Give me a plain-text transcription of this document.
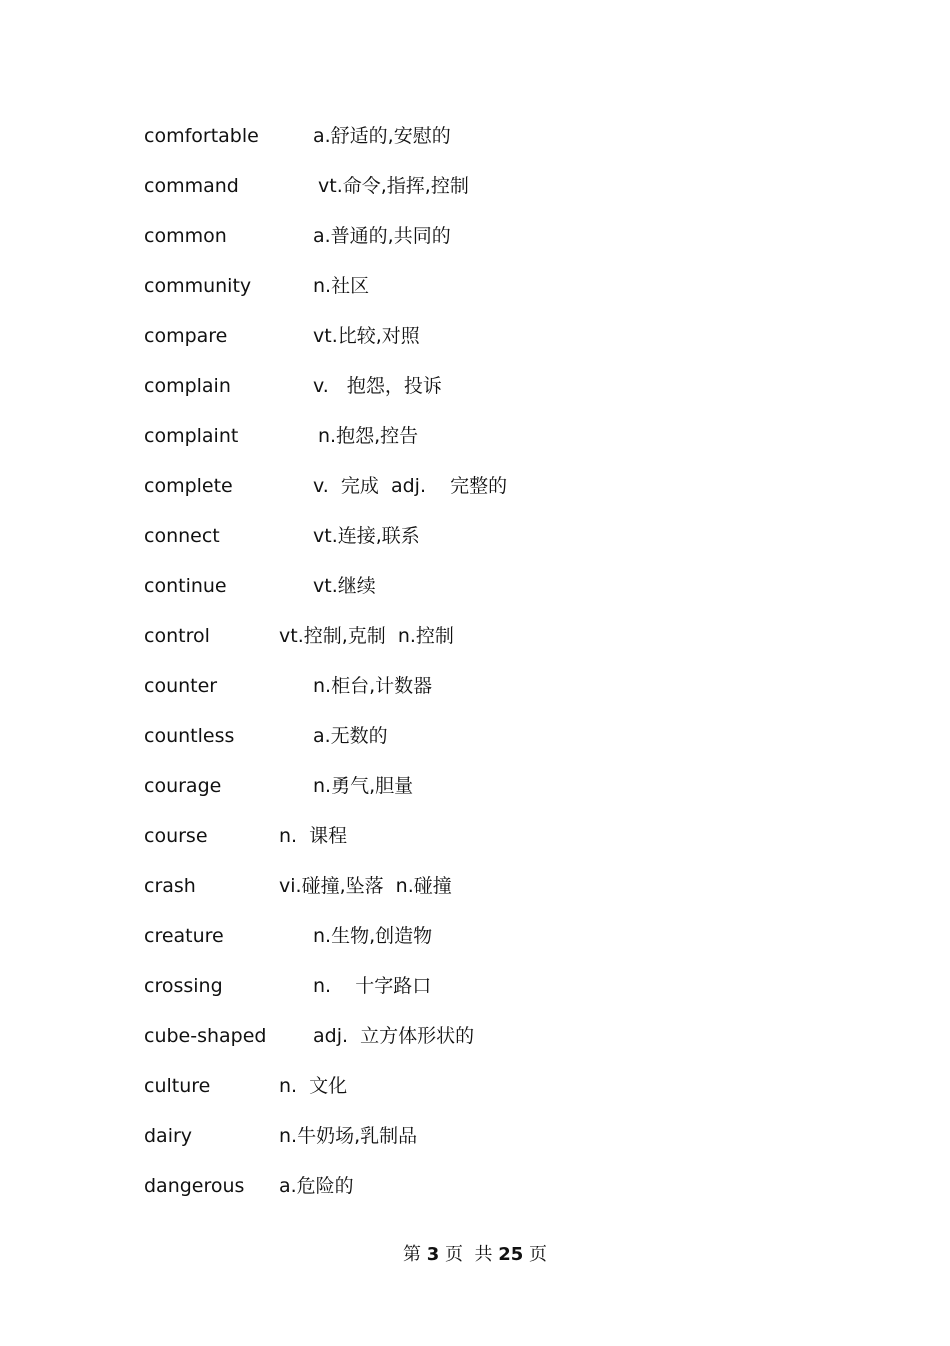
comfortable	a.舒适的,安慰的
command	vt.命令,指挥,控制
common	a.普通的,共同的
community	n.社区
compare	vt.比较,对照
complain	v.   抱怨，投诉
complaint	n.抱怨,控告
complete	v.  完成  adj.    完整的
connect	vt.连接,联系
continue	vt.继续
control	vt.控制,克制  n.控制
counter	n.柜台,计数器
countless	a.无数的
courage	n.勇气,胆量
course	n.  课程
crash	vi.碰撞,坠落  n.碰撞
creature	n.生物,创造物
crossing	n.    十字路口
cube-shaped adj.  立方体形状的
culture	n.  文化
dairy	n.牛奶场,乳制品
dangerous a.危险的
第 3 页  共 25 页
